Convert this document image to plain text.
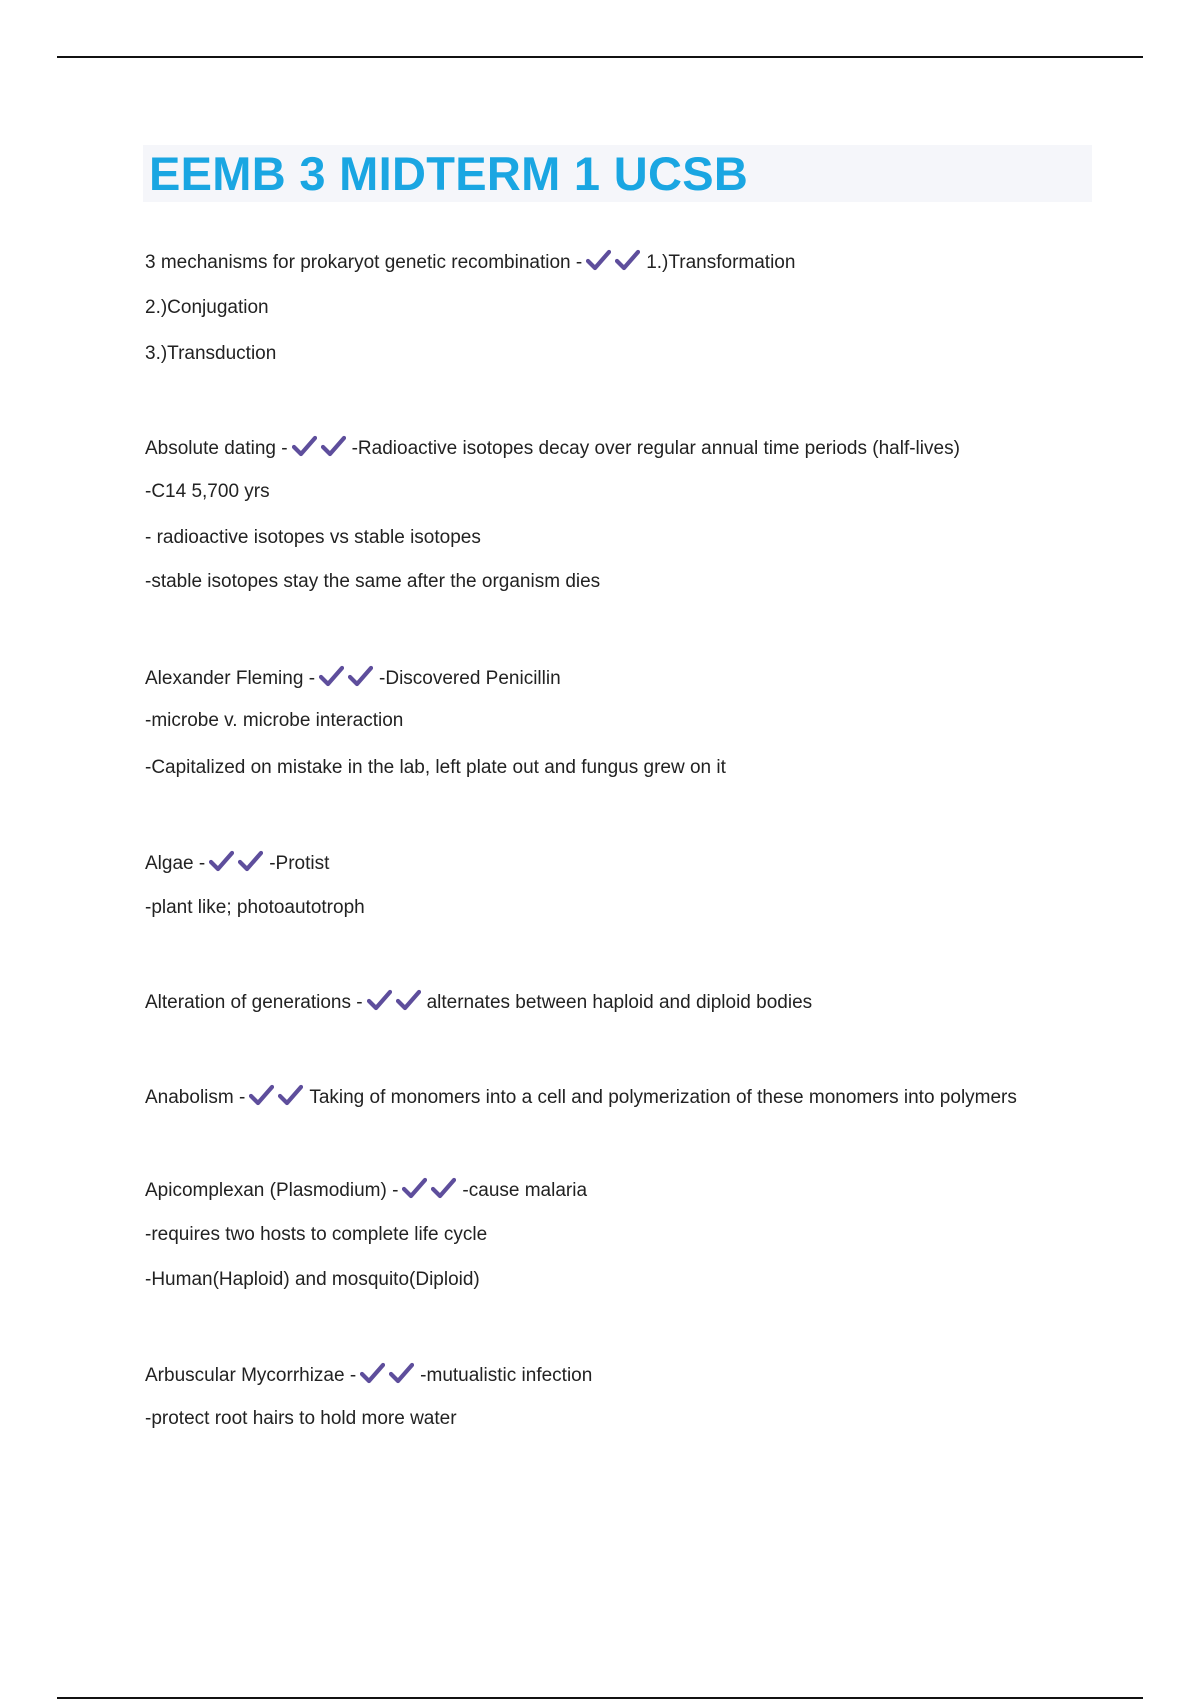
EEMB 3 MIDTERM 1 UCSB
3 mechanisms for prokaryot genetic recombination -	1.)Transformation
2.)Conjugation
3.)Transduction
Absolute dating -	-Radioactive isotopes decay over regular annual time periods (half-lives)
-C14 5,700 yrs
- radioactive isotopes vs stable isotopes
-stable isotopes stay the same after the organism dies
Alexander Fleming -	-Discovered Penicillin
-microbe v. microbe interaction
-Capitalized on mistake in the lab, left plate out and fungus grew on it
Algae -	-Protist
-plant like; photoautotroph
Alteration of generations -	alternates between haploid and diploid bodies
Anabolism -	Taking of monomers into a cell and polymerization of these monomers into polymers
Apicomplexan (Plasmodium) -	-cause malaria
-requires two hosts to complete life cycle
-Human(Haploid) and mosquito(Diploid)
Arbuscular Mycorrhizae -	-mutualistic infection
-protect root hairs to hold more water
